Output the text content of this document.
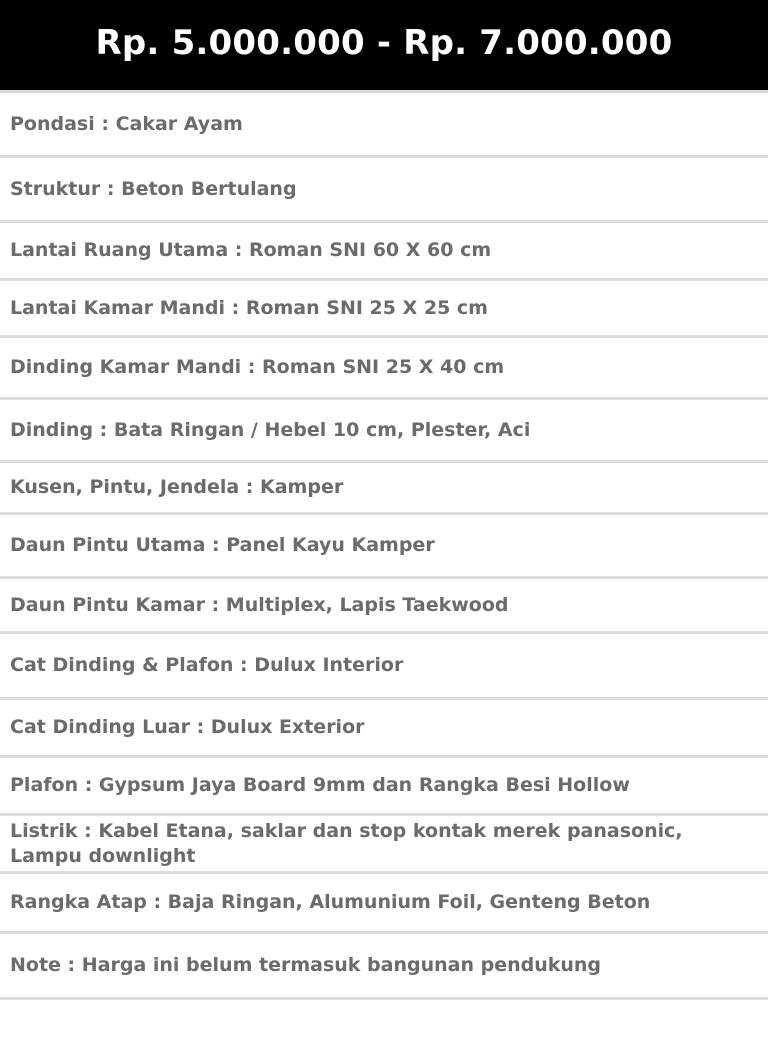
Rp. 5.000.000 - Rp. 7.000.000
Pondasi : Cakar Ayam
Struktur : Beton Bertulang
Lantai Ruang Utama : Roman SNI 60 X 60 cm
Lantai Kamar Mandi : Roman SNI 25 X 25 cm
Dinding Kamar Mandi : Roman SNI 25 X 40 cm
Dinding : Bata Ringan / Hebel 10 cm, Plester, Aci
Kusen, Pintu, Jendela : Kamper
Daun Pintu Utama : Panel Kayu Kamper
Daun Pintu Kamar : Multiplex, Lapis Taekwood
Cat Dinding & Plafon : Dulux Interior
Cat Dinding Luar : Dulux Exterior
Plafon : Gypsum Jaya Board 9mm dan Rangka Besi Hollow
Listrik : Kabel Etana, saklar dan stop kontak merek panasonic, Lampu downlight
Rangka Atap : Baja Ringan, Alumunium Foil, Genteng Beton
Note : Harga ini belum termasuk bangunan pendukung
